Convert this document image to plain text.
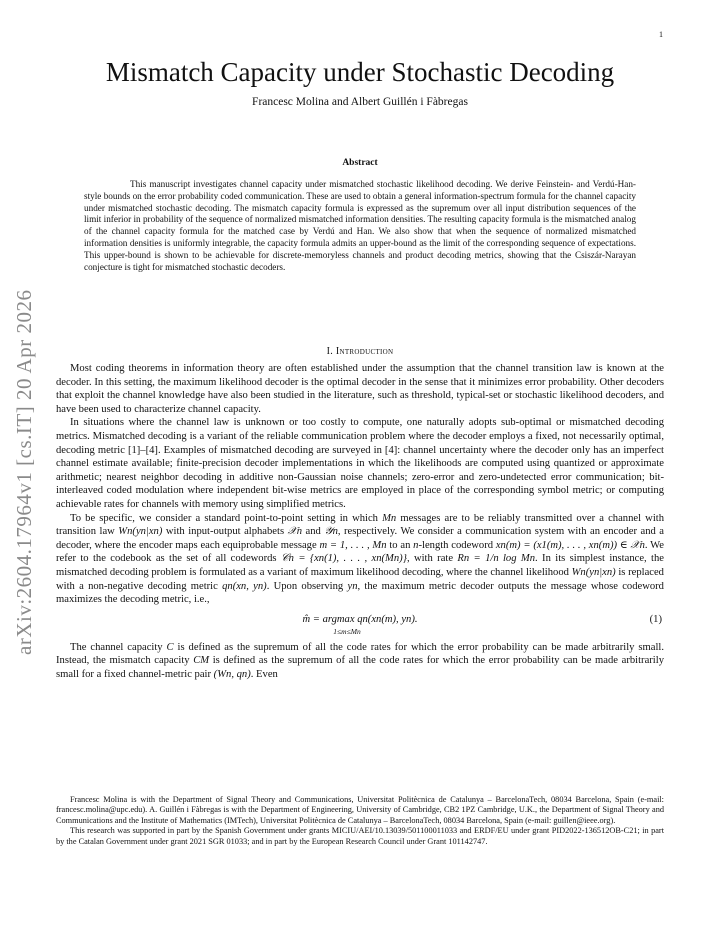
1
arXiv:2604.17964v1 [cs.IT] 20 Apr 2026
Mismatch Capacity under Stochastic Decoding
Francesc Molina and Albert Guillén i Fàbregas
Abstract
This manuscript investigates channel capacity under mismatched stochastic likelihood decoding. We derive Feinstein- and Verdú-Han-style bounds on the error probability coded communication. These are used to obtain a general information-spectrum formula for the channel capacity under mismatched stochastic decoding. The mismatch capacity formula is expressed as the supremum over all input distribution sequences of the limit inferior in probability of the sequence of normalized mismatched information densities. The resulting capacity formula is the mismatched analog of the channel capacity formula for the matched case by Verdú and Han. We also show that when the sequence of normalized mismatched information densities is uniformly integrable, the capacity formula admits an upper-bound as the limit of the corresponding sequence of expectations. This upper-bound is shown to be achievable for discrete-memoryless channels and product decoding metrics, showing that the Csiszár-Narayan conjecture is tight for mismatched stochastic decoders.
I. Introduction

Most coding theorems in information theory are often established under the assumption that the channel transition law is known at the decoder. In this setting, the maximum likelihood decoder is the optimal decoder in the sense that it minimizes error probability. Other decoders that exploit the channel knowledge have also been studied in the literature, such as threshold, typical-set or stochastic likelihood decoders, and have been used to characterize channel capacity.

In situations where the channel law is unknown or too costly to compute, one naturally adopts sub-optimal or mismatched decoding metrics. Mismatched decoding is a variant of the reliable communication problem where the decoder employs a fixed, not necessarily optimal, decoding metric [1]–[4]. Examples of mismatched decoding are surveyed in [4]: channel uncertainty where the decoder only has an imperfect channel estimate available; finite-precision decoder implementations in which the likelihoods are computed using quantized or approximate arithmetic; nearest neighbor decoding in additive non-Gaussian noise channels; zero-error and zero-undetected error communication; bit-interleaved coded modulation where independent bit-wise metrics are employed in place of the corresponding symbol metric; or computing achievable rates for channels with memory using simplified metrics.

To be specific, we consider a standard point-to-point setting in which Mn messages are to be reliably transmitted over a channel with transition law Wn(yn|xn) with input-output alphabets 𝒳n and 𝒴n, respectively. We consider a communication system with an encoder and a decoder, where the encoder maps each equiprobable message m = 1, . . . , Mn to an n-length codeword xn(m) = (x1(m), . . . , xn(m)) ∈ 𝒳n. We refer to the codebook as the set of all codewords 𝒞n = {xn(1), . . . , xn(Mn)}, with rate Rn = 1/n log Mn. In its simplest instance, the mismatched decoding problem is formulated as a variant of maximum likelihood decoding, where the channel likelihood Wn(yn|xn) is replaced with a non-negative decoding metric qn(xn, yn). Upon observing yn, the maximum metric decoder outputs the message whose codeword maximizes the decoding metric, i.e.,

m̂ = argmax qn(xn(m), yn).
1≤m≤Mn
(1)

The channel capacity C is defined as the supremum of all the code rates for which the error probability can be made arbitrarily small. Instead, the mismatch capacity CM is defined as the supremum of all the code rates for which the error probability can be made arbitrarily small for a fixed channel-metric pair (Wn, qn). Even

Francesc Molina is with the Department of Signal Theory and Communications, Universitat Politècnica de Catalunya – BarcelonaTech, 08034 Barcelona, Spain (e-mail: francesc.molina@upc.edu). A. Guillén i Fàbregas is with the Department of Engineering, University of Cambridge, CB2 1PZ Cambridge, U.K., the Department of Signal Theory and Communications and the Institute of Mathematics (IMTech), Universitat Politècnica de Catalunya – BarcelonaTech, 08034 Barcelona, Spain (e-mail: guillen@ieee.org).

This research was supported in part by the Spanish Government under grants MICIU/AEI/10.13039/501100011033 and ERDF/EU under grant PID2022-136512OB-C21; in part by the Catalan Government under grant 2021 SGR 01033; and in part by the European Research Council under Grant 101142747.
